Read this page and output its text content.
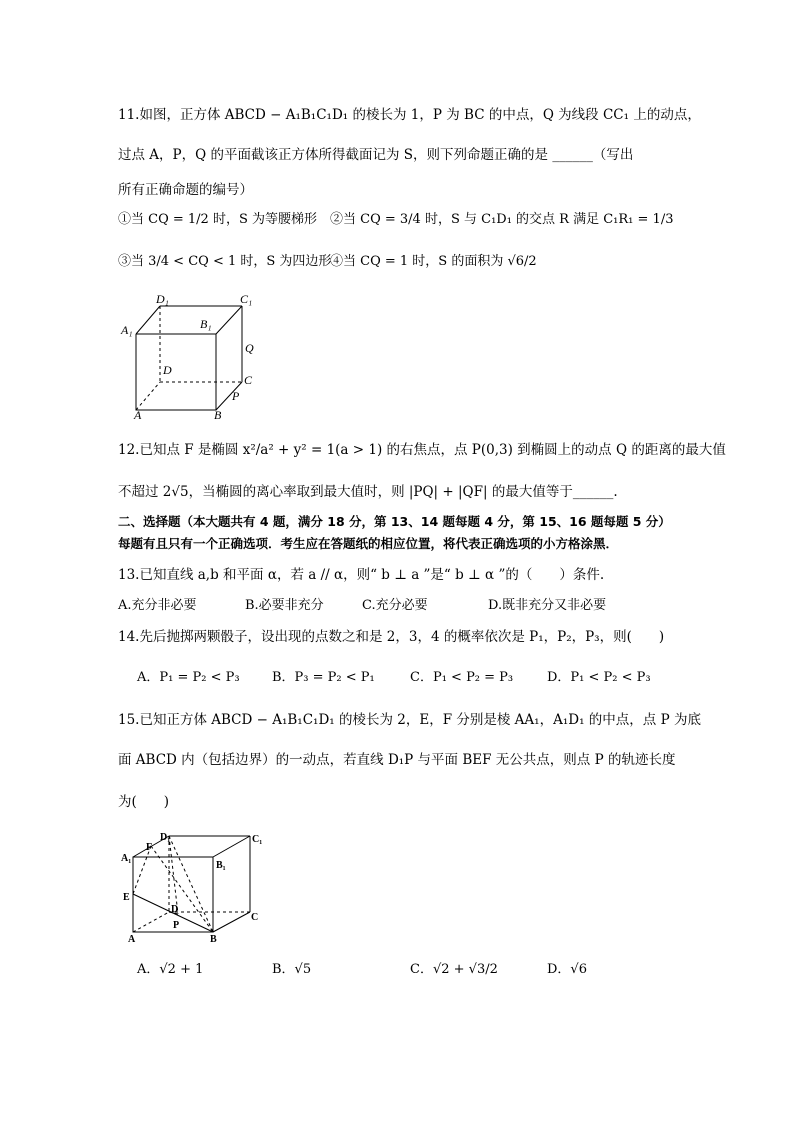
11.如图，正方体 ABCD − A₁B₁C₁D₁ 的棱长为 1，P 为 BC 的中点，Q 为线段 CC₁ 上的动点，
过点 A，P，Q 的平面截该正方体所得截面记为 S，则下列命题正确的是 ______（写出
所有正确命题的编号）
①当 CQ = 1/2 时，S 为等腰梯形 ②当 CQ = 3/4 时，S 与 C₁D₁ 的交点 R 满足 C₁R₁ = 1/3
③当 3/4 < CQ < 1 时，S 为四边形
④当 CQ = 1 时，S 的面积为 √6/2
D₁	C₁
A₁	B₁
Q
D
C
P
A	B
12.已知点 F 是椭圆 x²/a² + y² = 1(a > 1) 的右焦点，点 P(0,3) 到椭圆上的动点 Q 的距离的最大值
不超过 2√5，当椭圆的离心率取到最大值时，则 |PQ| + |QF| 的最大值等于______.
二、选择题（本大题共有 4 题，满分 18 分，第 13、14 题每题 4 分，第 15、16 题每题 5 分）
每题有且只有一个正确选项．考生应在答题纸的相应位置，将代表正确选项的小方格涂黑．
13.已知直线 a,b 和平面 α，若 a // α，则“ b ⊥ a ”是“ b ⊥ α ”的（　　）条件.
A.充分非必要	B.必要非充分	C.充分必要	D.既非充分又非必要
14.先后抛掷两颗骰子，设出现的点数之和是 2，3，4 的概率依次是 P₁，P₂，P₃，则(　　)
A．P₁ = P₂ < P₃ B．P₃ = P₂ < P₁	C．P₁ < P₂ = P₃	D．P₁ < P₂ < P₃
15.已知正方体 ABCD − A₁B₁C₁D₁ 的棱长为 2，E，F 分别是棱 AA₁，A₁D₁ 的中点，点 P 为底
面 ABCD 内（包括边界）的一动点，若直线 D₁P 与平面 BEF 无公共点，则点 P 的轨迹长度
为(　　)
D₁	C₁
F
A₁
B₁
E
D
C
P
A	B
A．√2 + 1	B．√5	C．√2 + √3/2	D．√6
